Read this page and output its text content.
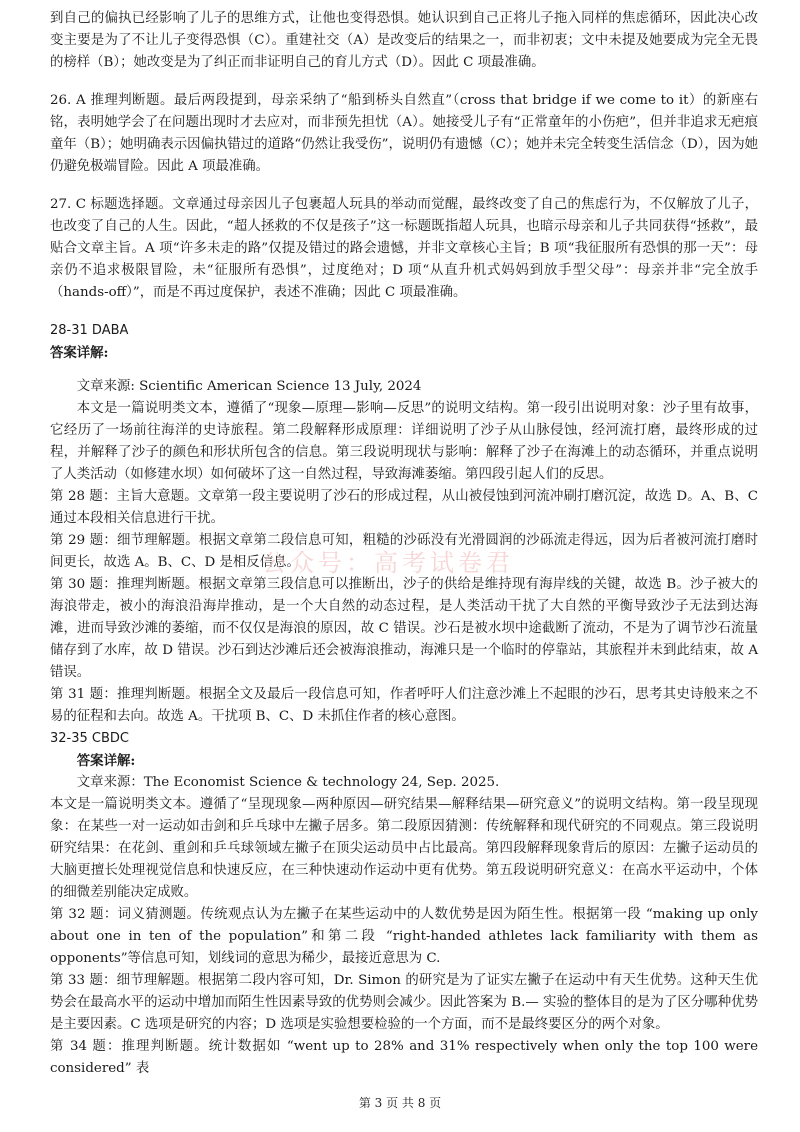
到自己的偏执已经影响了儿子的思维方式，让他也变得恐惧。她认识到自己正将儿子拖入同样的焦虑循环，因此决心改变主要是为了不让儿子变得恐惧（C）。重建社交（A）是改变后的结果之一，而非初衷；文中未提及她要成为完全无畏的榜样（B）；她改变是为了纠正而非证明自己的育儿方式（D）。因此 C 项最准确。

26. A 推理判断题。最后两段提到，母亲采纳了“船到桥头自然直”（cross that bridge if we come to it）的新座右铭，表明她学会了在问题出现时才去应对，而非预先担忧（A）。她接受儿子有“正常童年的小伤疤”，但并非追求无疤痕童年（B）；她明确表示因偏执错过的道路“仍然让我受伤”，说明仍有遗憾（C）；她并未完全转变生活信念（D），因为她仍避免极端冒险。因此 A 项最准确。

27. C 标题选择题。文章通过母亲因儿子包裹超人玩具的举动而觉醒，最终改变了自己的焦虑行为，不仅解放了儿子，也改变了自己的人生。因此，“超人拯救的不仅是孩子”这一标题既指超人玩具，也暗示母亲和儿子共同获得“拯救”，最贴合文章主旨。A 项“许多未走的路”仅提及错过的路会遗憾，并非文章核心主旨；B 项“我征服所有恐惧的那一天”：母亲仍不追求极限冒险，未“征服所有恐惧”，过度绝对；D 项“从直升机式妈妈到放手型父母”：母亲并非“完全放手（hands-off）”，而是不再过度保护，表述不准确；因此 C 项最准确。

28-31 DABA

答案详解:

文章来源: Scientific American Science 13 July, 2024

本文是一篇说明类文本，遵循了“现象—原理—影响—反思”的说明文结构。第一段引出说明对象：沙子里有故事，它经历了一场前往海洋的史诗旅程。第二段解释形成原理：详细说明了沙子从山脉侵蚀，经河流打磨，最终形成的过程，并解释了沙子的颜色和形状所包含的信息。第三段说明现状与影响：解释了沙子在海滩上的动态循环，并重点说明了人类活动（如修建水坝）如何破坏了这一自然过程，导致海滩萎缩。第四段引起人们的反思。

第 28 题：主旨大意题。文章第一段主要说明了沙石的形成过程，从山被侵蚀到河流冲刷打磨沉淀，故选 D。A、B、C 通过本段相关信息进行干扰。

第 29 题：细节理解题。根据文章第二段信息可知，粗糙的沙砾没有光滑圆润的沙砾流走得远，因为后者被河流打磨时间更长，故选 A。B、C、D 是相反信息。

第 30 题：推理判断题。根据文章第三段信息可以推断出，沙子的供给是维持现有海岸线的关键，故选 B。沙子被大的海浪带走，被小的海浪沿海岸推动，是一个大自然的动态过程，是人类活动干扰了大自然的平衡导致沙子无法到达海滩，进而导致沙滩的萎缩，而不仅仅是海浪的原因，故 C 错误。沙石是被水坝中途截断了流动，不是为了调节沙石流量储存到了水库，故 D 错误。沙石到达沙滩后还会被海浪推动，海滩只是一个临时的停靠站，其旅程并未到此结束，故 A 错误。

第 31 题：推理判断题。根据全文及最后一段信息可知，作者呼吁人们注意沙滩上不起眼的沙石，思考其史诗般来之不易的征程和去向。故选 A。干扰项 B、C、D 未抓住作者的核心意图。

32-35 CBDC

答案详解:

文章来源：The Economist Science & technology 24, Sep. 2025.

本文是一篇说明类文本。遵循了“呈现现象—两种原因—研究结果—解释结果—研究意义”的说明文结构。第一段呈现现象：在某些一对一运动如击剑和乒乓球中左撇子居多。第二段原因猜测：传统解释和现代研究的不同观点。第三段说明研究结果：在花剑、重剑和乒乓球领域左撇子在顶尖运动员中占比最高。第四段解释现象背后的原因：左撇子运动员的大脑更擅长处理视觉信息和快速反应，在三种快速动作运动中更有优势。第五段说明研究意义：在高水平运动中，个体的细微差别能决定成败。

第 32 题：词义猜测题。传统观点认为左撇子在某些运动中的人数优势是因为陌生性。根据第一段 “making up only about one in ten of the population”和第二段 “right-handed athletes lack familiarity with them as opponents”等信息可知，划线词的意思为稀少，最接近意思为 C.

第 33 题：细节理解题。根据第二段内容可知，Dr. Simon 的研究是为了证实左撇子在运动中有天生优势。这种天生优势会在最高水平的运动中增加而陌生性因素导致的优势则会减少。因此答案为 B.— 实验的整体目的是为了区分哪种优势是主要因素。C 选项是研究的内容；D 选项是实验想要检验的一个方面，而不是最终要区分的两个对象。

第 34 题：推理判断题。统计数据如 “went up to 28% and 31% respectively when only the top 100 were considered” 表

公众号：高考试卷君
第 3 页 共 8 页
